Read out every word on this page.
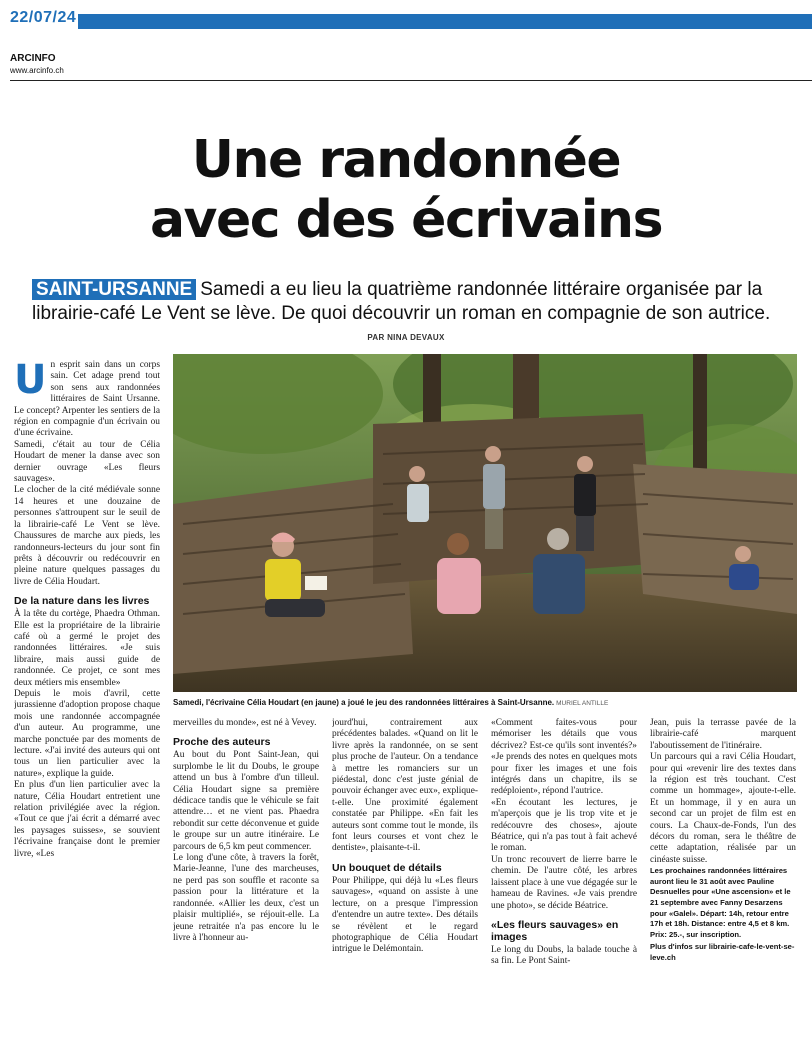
22/07/24
ARCINFO
www.arcinfo.ch
Une randonnée
avec des écrivains
SAINT-URSANNE Samedi a eu lieu la quatrième randonnée littéraire organisée par la librairie-café Le Vent se lève. De quoi découvrir un roman en compagnie de son autrice.
PAR NINA DEVAUX
Samedi, l'écrivaine Célia Houdart (en jaune) a joué le jeu des randonnées littéraires à Saint-Ursanne. MURIEL ANTILLE

Un esprit sain dans un corps sain. Cet adage prend tout son sens aux randonnées littéraires de Saint Ursanne. Le concept? Arpenter les sentiers de la région en compagnie d'un écrivain ou d'une écrivaine.

Samedi, c'était au tour de Célia Houdart de mener la danse avec son dernier ouvrage «Les fleurs sauvages».

Le clocher de la cité médiévale sonne 14 heures et une douzaine de personnes s'attroupent sur le seuil de la librairie-café Le Vent se lève. Chaussures de marche aux pieds, les randonneurs-lecteurs du jour sont fin prêts à découvrir ou redécouvrir en pleine nature quelques passages du livre de Célia Houdart.

De la nature dans les livres

À la tête du cortège, Phaedra Othman. Elle est la propriétaire de la librairie café où a germé le projet des randonnées littéraires. «Je suis libraire, mais aussi guide de randonnée. Ce projet, ce sont mes deux métiers mis ensemble»

Depuis le mois d'avril, cette jurassienne d'adoption propose chaque mois une randonnée accompagnée d'un auteur. Au programme, une marche ponctuée par des moments de lecture. «J'ai invité des auteurs qui ont tous un lien particulier avec la nature», explique la guide.

En plus d'un lien particulier avec la nature, Célia Houdart entretient une relation privilégiée avec la région. «Tout ce que j'ai écrit a démarré avec les paysages suisses», se souvient l'écrivaine française dont le premier livre, «Les

merveilles du monde», est né à Vevey.

Proche des auteurs

Au bout du Pont Saint-Jean, qui surplombe le lit du Doubs, le groupe attend un bus à l'ombre d'un tilleul. Célia Houdart signe sa première dédicace tandis que le véhicule se fait attendre… et ne vient pas. Phaedra rebondit sur cette déconvenue et guide le groupe sur un autre itinéraire. Le parcours de 6,5 km peut commencer.

Le long d'une côte, à travers la forêt, Marie-Jeanne, l'une des marcheuses, ne perd pas son souffle et raconte sa passion pour la littérature et la randonnée. «Allier les deux, c'est un plaisir multiplié», se réjouit-elle. La jeune retraitée n'a pas encore lu le livre à l'honneur au-

jourd'hui, contrairement aux précédentes balades. «Quand on lit le livre après la randonnée, on se sent plus proche de l'auteur. On a tendance à mettre les romanciers sur un piédestal, donc c'est juste génial de pouvoir échanger avec eux», explique-t-elle. Une proximité également constatée par Philippe. «En fait les auteurs sont comme tout le monde, ils font leurs courses et vont chez le dentiste», plaisante-t-il.

Un bouquet de détails

Pour Philippe, qui déjà lu «Les fleurs sauvages», «quand on assiste à une lecture, on a presque l'impression d'entendre un autre texte». Des détails se révèlent et le regard photographique de Célia Houdart intrigue le Delémontain.

«Comment faites-vous pour mémoriser les détails que vous décrivez? Est-ce qu'ils sont inventés?» «Je prends des notes en quelques mots pour fixer les images et une fois intégrés dans un chapitre, ils se redéploient», répond l'autrice.

«En écoutant les lectures, je m'aperçois que je lis trop vite et je redécouvre des choses», ajoute Béatrice, qui n'a pas tout à fait achevé le roman.

Un tronc recouvert de lierre barre le chemin. De l'autre côté, les arbres laissent place à une vue dégagée sur le hameau de Ravines. «Je vais prendre une photo», se décide Béatrice.

«Les fleurs sauvages» en images

Le long du Doubs, la balade touche à sa fin. Le Pont Saint-

Jean, puis la terrasse pavée de la librairie-café marquent l'aboutissement de l'itinéraire.

Un parcours qui a ravi Célia Houdart, pour qui «revenir lire des textes dans la région est très touchant. C'est comme un hommage», ajoute-t-elle. Et un hommage, il y en aura un second car un projet de film est en cours. La Chaux-de-Fonds, l'un des décors du roman, sera le théâtre de cette adaptation, réalisée par un cinéaste suisse.

Les prochaines randonnées littéraires auront lieu le 31 août avec Pauline Desnuelles pour «Une ascension» et le 21 septembre avec Fanny Desarzens pour «Galel». Départ: 14h, retour entre 17h et 18h. Distance: entre 4,5 et 8 km. Prix: 25.-, sur inscription.

Plus d'infos sur librairie-cafe-le-vent-se-leve.ch
